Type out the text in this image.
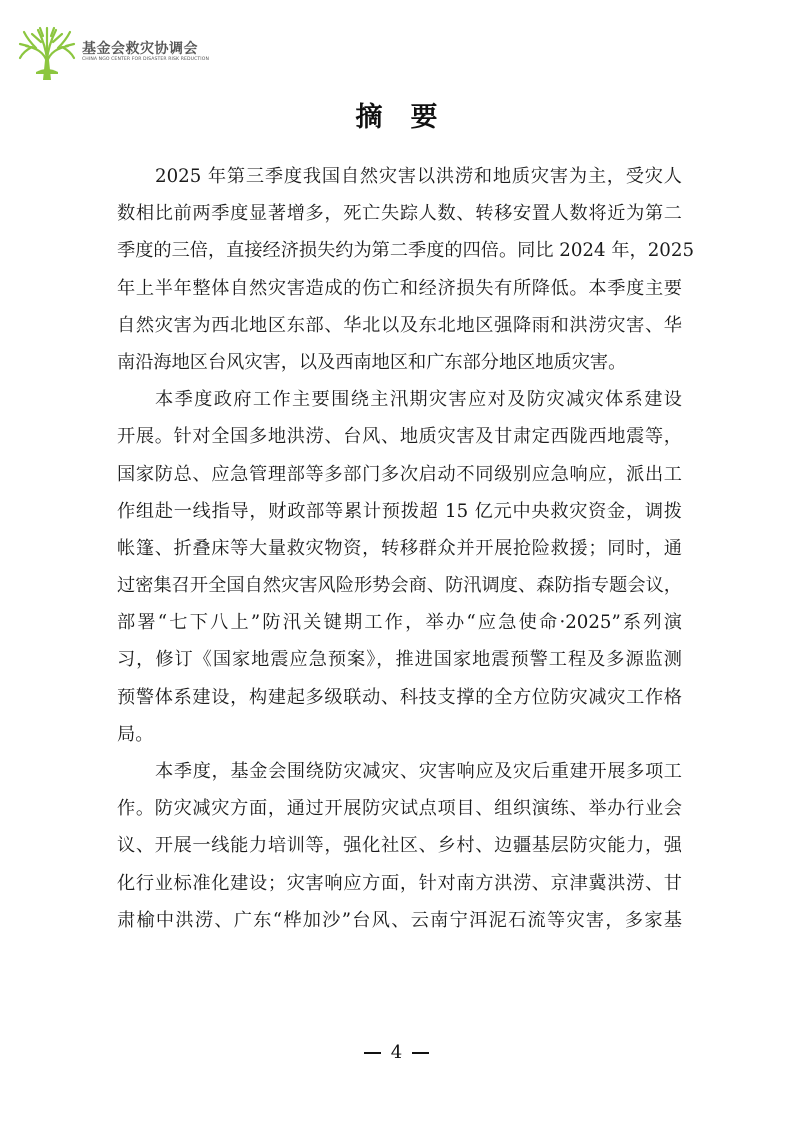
基金会救灾协调会
CHINA NGO CENTER FOR DISASTER RISK REDUCTION
摘要
2025 年第三季度我国自然灾害以洪涝和地质灾害为主，受灾人
数相比前两季度显著增多，死亡失踪人数、转移安置人数将近为第二
季度的三倍，直接经济损失约为第二季度的四倍。同比 2024 年，2025
年上半年整体自然灾害造成的伤亡和经济损失有所降低。本季度主要
自然灾害为西北地区东部、华北以及东北地区强降雨和洪涝灾害、华
南沿海地区台风灾害，以及西南地区和广东部分地区地质灾害。
本季度政府工作主要围绕主汛期灾害应对及防灾减灾体系建设
开展。针对全国多地洪涝、台风、地质灾害及甘肃定西陇西地震等，
国家防总、应急管理部等多部门多次启动不同级别应急响应，派出工
作组赴一线指导，财政部等累计预拨超 15 亿元中央救灾资金，调拨
帐篷、折叠床等大量救灾物资，转移群众并开展抢险救援；同时，通
过密集召开全国自然灾害风险形势会商、防汛调度、森防指专题会议，
部署“七下八上”防汛关键期工作，举办“应急使命·2025”系列演
习，修订《国家地震应急预案》，推进国家地震预警工程及多源监测
预警体系建设，构建起多级联动、科技支撑的全方位防灾减灾工作格
局。
本季度，基金会围绕防灾减灾、灾害响应及灾后重建开展多项工
作。防灾减灾方面，通过开展防灾试点项目、组织演练、举办行业会
议、开展一线能力培训等，强化社区、乡村、边疆基层防灾能力，强
化行业标准化建设；灾害响应方面，针对南方洪涝、京津冀洪涝、甘
肃榆中洪涝、广东“桦加沙”台风、云南宁洱泥石流等灾害，多家基
4
